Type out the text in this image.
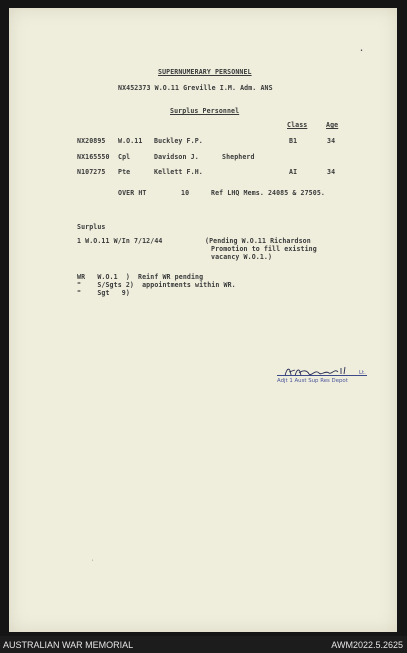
SUPERNUMERARY PERSONNEL
NX452373 W.O.11 Greville I.M. Adm. ANS
Surplus Personnel
Class	Age
NX20895 W.O.11 Buckley F.P.	B1	34
NX165550 Cpl	Davidson J.	Shepherd
N107275 Pte	Kellett F.H.	AI	34
OVER HT	10	Ref LHQ Mems. 24085 & 27505.
Surplus
1 W.O.11 W/In 7/12/44	(Pending W.O.11 Richardson
Promotion to fill existing
vacancy W.O.1.)
WR   W.O.1  )  Reinf WR pending
"    S/Sgts 2)  appointments within WR.
"    Sgt   9)
Lt.
Adjt 1 Aust Sup Res Depot
•
·
AUSTRALIAN WAR MEMORIAL	AWM2022.5.2625
